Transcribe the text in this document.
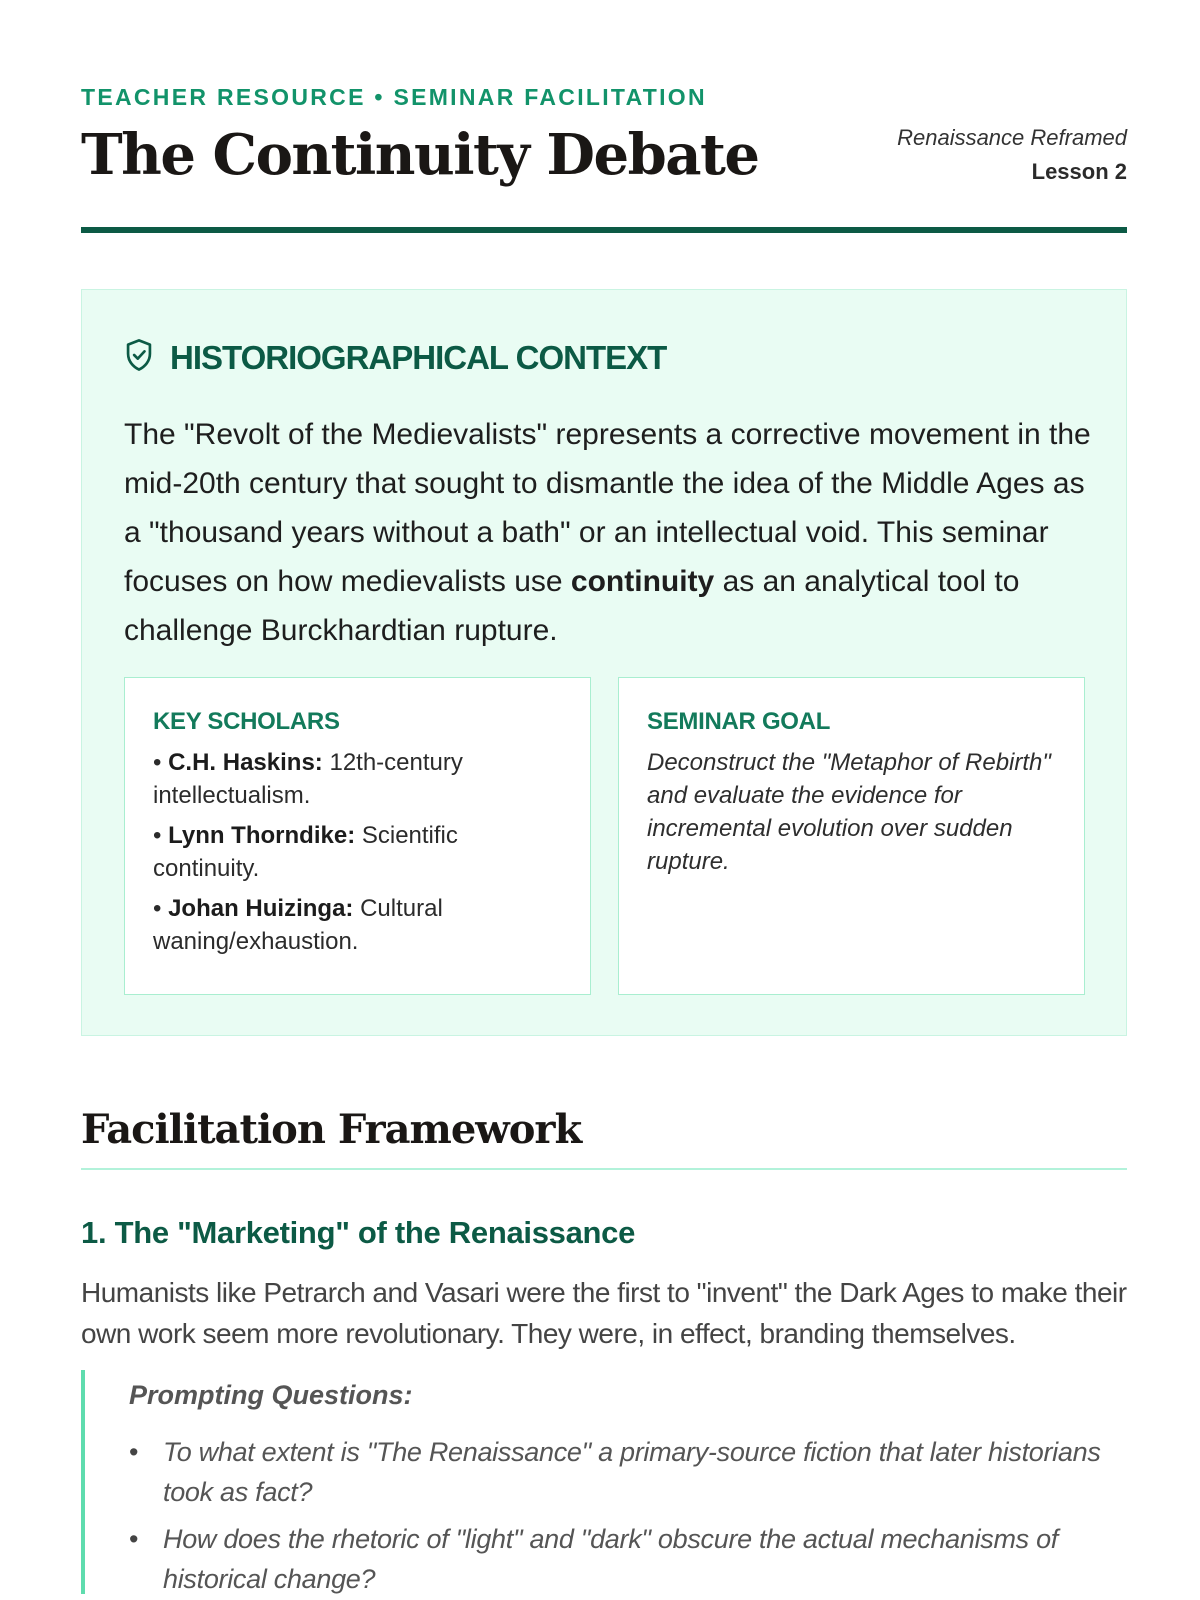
TEACHER RESOURCE • SEMINAR FACILITATION
The Continuity Debate	Renaissance Reframed
Lesson 2
HISTORIOGRAPHICAL CONTEXT

The "Revolt of the Medievalists" represents a corrective movement in the mid-20th century that sought to dismantle the idea of the Middle Ages as a "thousand years without a bath" or an intellectual void. This seminar focuses on how medievalists use continuity as an analytical tool to challenge Burckhardtian rupture.

KEY SCHOLARS
• C.H. Haskins: 12th-century intellectualism.
• Lynn Thorndike: Scientific continuity.
• Johan Huizinga: Cultural waning/exhaustion.
SEMINAR GOAL

Deconstruct the "Metaphor of Rebirth" and evaluate the evidence for incremental evolution over sudden rupture.

Facilitation Framework
1. The "Marketing" of the Renaissance

Humanists like Petrarch and Vasari were the first to "invent" the Dark Ages to make their own work seem more revolutionary. They were, in effect, branding themselves.

Prompting Questions:
• To what extent is "The Renaissance" a primary-source fiction that later historians took as fact?
• How does the rhetoric of "light" and "dark" obscure the actual mechanisms of historical change?
